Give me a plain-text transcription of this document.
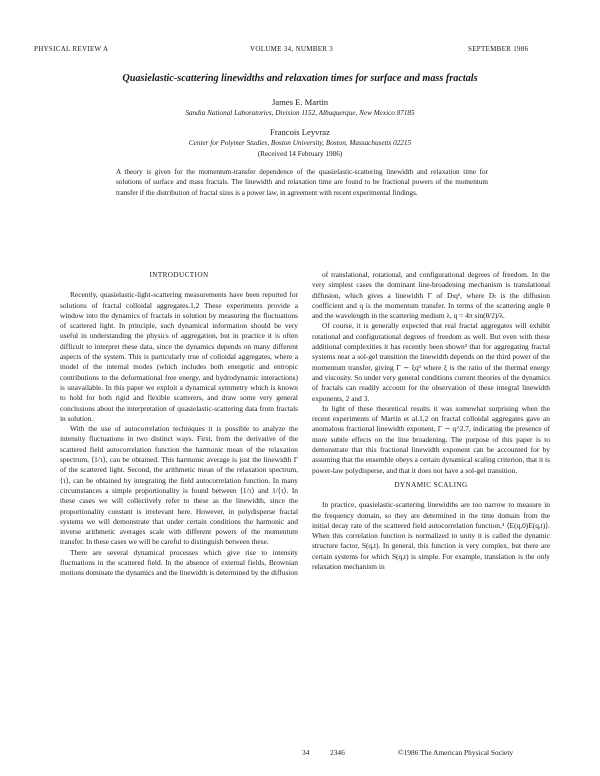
PHYSICAL REVIEW A	VOLUME 34, NUMBER 3	SEPTEMBER 1986
Quasielastic-scattering linewidths and relaxation times for surface and mass fractals
James E. Martin
Sandia National Laboratories, Division 1152, Albuquerque, New Mexico 87185
Francois Leyvraz
Center for Polymer Studies, Boston University, Boston, Massachusetts 02215
(Received 14 February 1986)
A theory is given for the momentum-transfer dependence of the quasielastic-scattering linewidth and relaxation time for solutions of surface and mass fractals. The linewidth and relaxation time are found to be fractional powers of the momentum transfer if the distribution of fractal sizes is a power law, in agreement with recent experimental findings.
INTRODUCTION

Recently, quasielastic-light-scattering measurements have been reported for solutions of fractal colloidal aggregates.1,2 These experiments provide a window into the dynamics of fractals in solution by measuring the fluctuations of scattered light. In principle, such dynamical information should be very useful in understanding the physics of aggregation, but in practice it is often difficult to interpret these data, since the dynamics depends on many different aspects of the system. This is particularly true of colloidal aggregates, where a model of the internal modes (which includes both energetic and entropic contributions to the deformational free energy, and hydrodynamic interactions) is unavailable. In this paper we exploit a dynamical symmetry which is known to hold for both rigid and flexible scatterers, and draw some very general conclusions about the interpretation of quasielastic-scattering data from fractals in solution.

With the use of autocorrelation techniques it is possible to analyze the intensity fluctuations in two distinct ways. First, from the derivative of the scattered field autocorrelation function the harmonic mean of the relaxation spectrum, ⟨1/τ⟩, can be obtained. This harmonic average is just the linewidth Γ of the scattered light. Second, the arithmetic mean of the relaxation spectrum, ⟨τ⟩, can be obtained by integrating the field autocorrelation function. In many circumstances a simple proportionality is found between ⟨1/τ⟩ and 1/⟨τ⟩. In these cases we will collectively refer to these as the linewidth, since the proportionality constant is irrelevant here. However, in polydisperse fractal systems we will demonstrate that under certain conditions the harmonic and inverse arithmetic averages scale with different powers of the momentum transfer. In these cases we will be careful to distinguish between these.

There are several dynamical processes which give rise to intensity fluctuations in the scattered field. In the absence of external fields, Brownian motions dominate the dynamics and the linewidth is determined by the diffusion

of translational, rotational, and configurational degrees of freedom. In the very simplest cases the dominant line-broadening mechanism is translational diffusion, which gives a linewidth Γ of Dₜq², where Dₜ is the diffusion coefficient and q is the momentum transfer. In terms of the scattering angle θ and the wavelength in the scattering medium λ, q = 4π sin(θ/2)/λ.

Of course, it is generally expected that real fractal aggregates will exhibit rotational and configurational degrees of freedom as well. But even with these additional complexities it has recently been shown³ that for aggregating fractal systems near a sol-gel transition the linewidth depends on the third power of the momentum transfer, giving Γ ∼ ξq³ where ξ is the ratio of the thermal energy and viscosity. So under very general conditions current theories of the dynamics of fractals can readily account for the observation of these integral linewidth exponents, 2 and 3.

In light of these theoretical results it was somewhat surprising when the recent experiments of Martin et al.1,2 on fractal colloidal aggregates gave an anomalous fractional linewidth exponent, Γ ∼ q^2.7, indicating the presence of more subtle effects on the line broadening. The purpose of this paper is to demonstrate that this fractional linewidth exponent can be accounted for by assuming that the ensemble obeys a certain dynamical scaling criterion, that it is power-law polydisperse, and that it does not have a sol-gel transition.

DYNAMIC SCALING

In practice, quasielastic-scattering linewidths are too narrow to measure in the frequency domain, so they are determined in the time domain from the initial decay rate of the scattered field autocorrelation function,⁴ ⟨E(q,0)E(q,t)⟩. When this correlation function is normalized to unity it is called the dynamic structure factor, S(q,t). In general, this function is very complex, but there are certain systems for which S(q,t) is simple. For example, translation is the only relaxation mechanism in

34	2346	©1986 The American Physical Society
